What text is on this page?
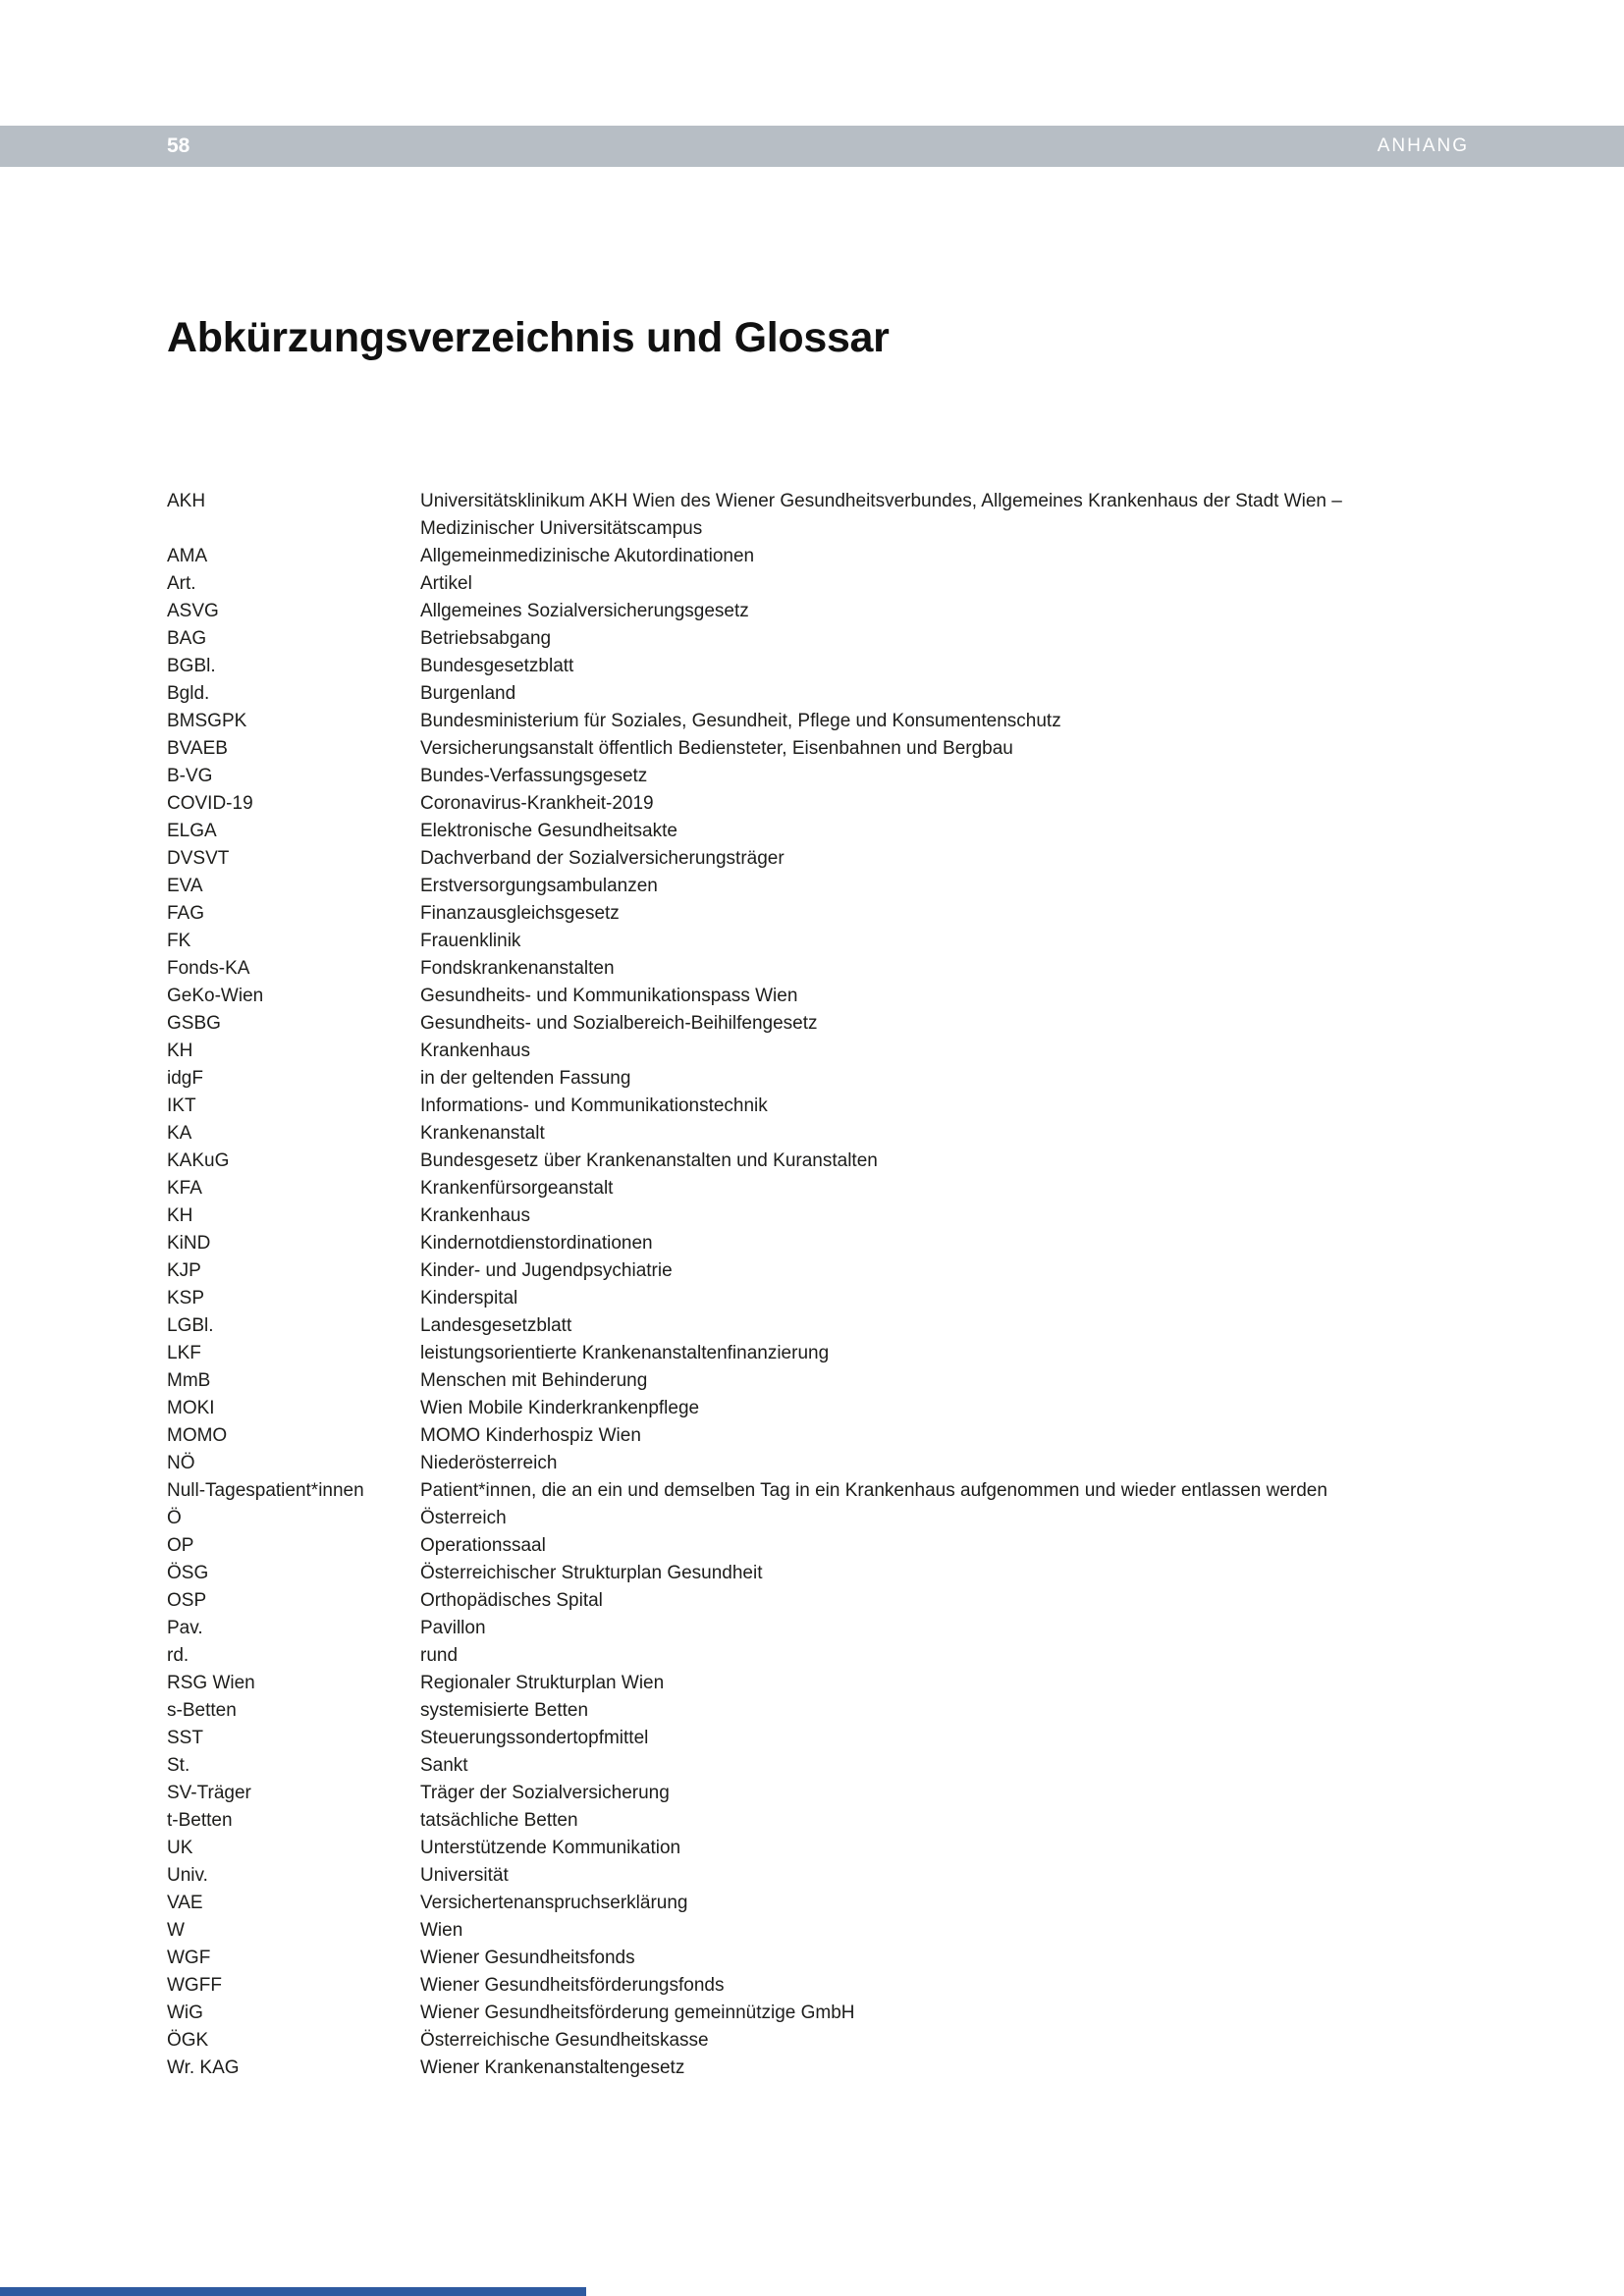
58	ANHANG
Abkürzungsverzeichnis und Glossar
AKH	Universitätsklinikum AKH Wien des Wiener Gesundheitsverbundes, Allgemeines Krankenhaus der Stadt Wien – Medizinischer Universitätscampus
AMA	Allgemeinmedizinische Akutordinationen
Art.	Artikel
ASVG	Allgemeines Sozialversicherungsgesetz
BAG	Betriebsabgang
BGBl.	Bundesgesetzblatt
Bgld.	Burgenland
BMSGPK	Bundesministerium für Soziales, Gesundheit, Pflege und Konsumentenschutz
BVAEB	Versicherungsanstalt öffentlich Bediensteter, Eisenbahnen und Bergbau
B-VG	Bundes-Verfassungsgesetz
COVID-19	Coronavirus-Krankheit-2019
ELGA	Elektronische Gesundheitsakte
DVSVT	Dachverband der Sozialversicherungsträger
EVA	Erstversorgungsambulanzen
FAG	Finanzausgleichsgesetz
FK	Frauenklinik
Fonds-KA	Fondskrankenanstalten
GeKo-Wien	Gesundheits- und Kommunikationspass Wien
GSBG	Gesundheits- und Sozialbereich-Beihilfengesetz
KH	Krankenhaus
idgF	in der geltenden Fassung
IKT	Informations- und Kommunikationstechnik
KA	Krankenanstalt
KAKuG	Bundesgesetz über Krankenanstalten und Kuranstalten
KFA	Krankenfürsorgeanstalt
KH	Krankenhaus
KiND	Kindernotdienstordinationen
KJP	Kinder- und Jugendpsychiatrie
KSP	Kinderspital
LGBl.	Landesgesetzblatt
LKF	leistungsorientierte Krankenanstaltenfinanzierung
MmB	Menschen mit Behinderung
MOKI	Wien Mobile Kinderkrankenpflege
MOMO	MOMO Kinderhospiz Wien
NÖ	Niederösterreich
Null-Tagespatient*innen	Patient*innen, die an ein und demselben Tag in ein Krankenhaus aufgenommen und wieder entlassen werden
Ö	Österreich
OP	Operationssaal
ÖSG	Österreichischer Strukturplan Gesundheit
OSP	Orthopädisches Spital
Pav.	Pavillon
rd.	rund
RSG Wien	Regionaler Strukturplan Wien
s-Betten	systemisierte Betten
SST	Steuerungssondertopfmittel
St.	Sankt
SV-Träger	Träger der Sozialversicherung
t-Betten	tatsächliche Betten
UK	Unterstützende Kommunikation
Univ.	Universität
VAE	Versichertenanspruchserklärung
W	Wien
WGF	Wiener Gesundheitsfonds
WGFF	Wiener Gesundheitsförderungsfonds
WiG	Wiener Gesundheitsförderung gemeinnützige GmbH
ÖGK	Österreichische Gesundheitskasse
Wr. KAG	Wiener Krankenanstaltengesetz
